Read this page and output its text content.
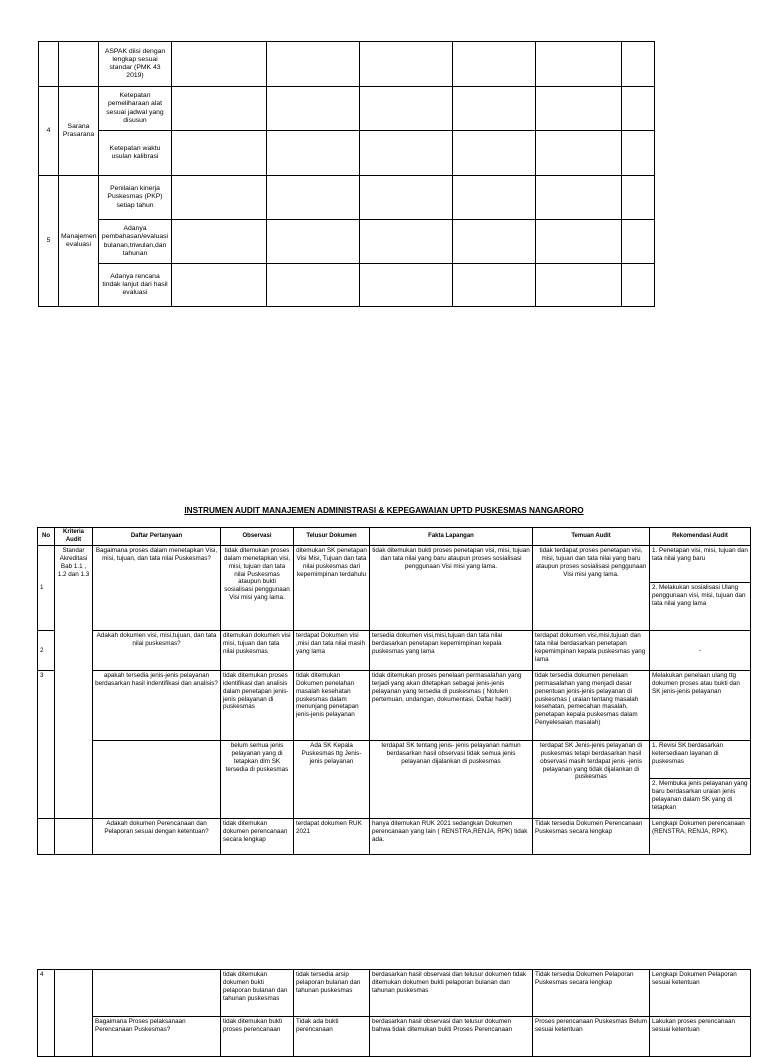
		ASPAK diisi dengan lengkap sesuai standar (PMK 43 2019)						
4	Sarana Prasarana	Ketepatan pemeliharaan alat sesuai jadwal yang disusun						
		Ketepatan waktu usulan kalibrasi						
5	Manajemen evaluasi	Penilaian kinerja Puskesmas (PKP) setiap tahun						
		Adanya pembahasan/evaluasi bulanan,triwulan,dan tahunan						
		Adanya rencana tindak lanjut dari hasil evaluasi						
INSTRUMEN AUDIT MANAJEMEN ADMINISTRASI & KEPEGAWAIAN UPTD PUSKESMAS NANGARORO
No	Kriteria Audit	Daftar Pertanyaan	Observasi	Telusur Dokumen	Fakta Lapangan	Temuan Audit	Rekomendasi Audit
1	Standar Akreditasi Bab 1.1 , 1.2 dan 1.3	Bagaimana proses dalam menetapkan Visi, misi, tujuan, dan tata nilai Puskesmas?	tidak ditemukan proses dalam menetapkan visi, misi, tujuan dan tata nilai Puskesmas ataupun bukti sosialisasi penggunaan Visi misi yang lama.	ditemukan SK penetapan Visi Misi, Tujuan dan tata nilai puskesmas dari kepemimpinan terdahulu	tidak ditemukan bukti proses penetapan visi, misi, tujuan dan tata nilai yang baru ataupun proses sosialisasi penggunaan Visi misi yang lama.	tidak terdapat proses penetapan visi, misi, tujuan dan tata nilai yang baru ataupun proses sosialisasi penggunaan Visi misi yang lama.	1. Penetapan visi, misi, tujuan dan tata nilai yang baru
							2. Melakukan sosialisasi Ulang penggunaan visi, misi, tujuan dan tata nilai yang lama
2		Adakah dokumen visi, misi,tujuan, dan tata nilai puskesmas?	ditemukan dokumen visi misi, tujuan dan tata nilai puskesmas	terdapat Dokumen visi ,misi dan tata nilai masih yang lama	tersedia dokumen visi,misi,tujuan dan tata nilai berdasarkan penetapan kepemimpinan kepala puskesmas yang lama	terdapat dokumen visi,misi,tujuan dan tata nilai berdasarkan penetapan kepemimpinan kepala puskesmas yang lama	-
3		apakah tersedia jenis-jenis pelayanan berdasarkan hasil indentifikasi dan analisis?	tidak ditemukan proses identifikasi dan analisis dalam penetapan jenis-jenis pelayanan di puskesmas	tidak ditemukan Dokumen penelahan masalah kesehatan puskesmas dalam menunjang penetapan jenis-jenis pelayanan	tidak ditemukan proses penelaan permasalahan yang terjadi yang akan ditetapkan sebagai jenis-jenis pelayanan yang tersedia di puskesmas ( Notulen pertemuan, undangan, dokumentasi, Daftar hadir)	tidak tersedia dokumen penelaan permasalahan yang menjadi dasar penentuan jenis-jenis pelayanan di puskesmas ( uraian tentang masalah kesehatan, pemecahan masalah, penetapan kepala puskesmas dalam Penyelesaian masalah)	Melakukan penelaan ulang ttg dokumen proses atau bukti dan SK jenis-jenis pelayanan
			belum semua jenis pelayanan yang di tetapkan dlm SK tersedia di puskesmas	Ada SK Kepala Puskesmas ttg Jenis-jenis pelayanan	terdapat SK tentang jenis- jenis pelayanan namun berdasarkan hasil observasi tidak semua jenis pelayanan dijalankan di puskesmas	terdapat SK Jenis-jenis pelayanan di puskesmas tetapi berdasarkan hasil observasi masih terdapat jenis -jenis pelayanan yang tidak dijalankan di puskesmas	1. Revisi SK berdasarkan ketersediaan layanan di puskesmas
							2. Membuka jenis pelayanan yang baru berdasarkan uraian jenis pelayanan dalam SK yang di tetapkan
		Adakah dokumen Perencanaan dan Pelaporan sesuai dengan ketentuan?	tidak ditemukan dokumen perencanaan secara lengkap	terdapat dokumen RUK 2021	hanya ditemukan RUK 2021 sedangkan Dokumen perencanaan yang lain ( RENSTRA,RENJA, RPK) tidak ada.	Tidak tersedia Dokumen Perencanaan Puskesmas secara lengkap	Lengkapi Dokumen perencanaan (RENSTRA, RENJA, RPK).
4			tidak ditemukan dokumen bukti pelaporan bulanan dan tahunan puskesmas	tidak tersedia arsip pelaporan bulanan dan tahunan puskesmas	berdasarkan hasil observasi dan telusur dokumen tidak ditemukan dokumen bukti pelaporan bulanan dan tahunan puskesmas	Tidak tersedia Dokumen Pelaporan Puskesmas secara lengkap	Lengkapi Dokumen Pelaporan sesuai ketentuan
		Bagaimana Proses pelaksanaan Perencanaan Puskesmas?	tidak ditemukan bukti proses perencanaan	Tidak ada bukti perencanaan	berdasarkan hasil observasi dan telusur dokumen bahwa tidak ditemukan bukti Proses Perencanaan	Proses perencanaan Puskesmas Belum sesuai ketentuan	Lakukan proses perencanaan sesuai ketentuan
